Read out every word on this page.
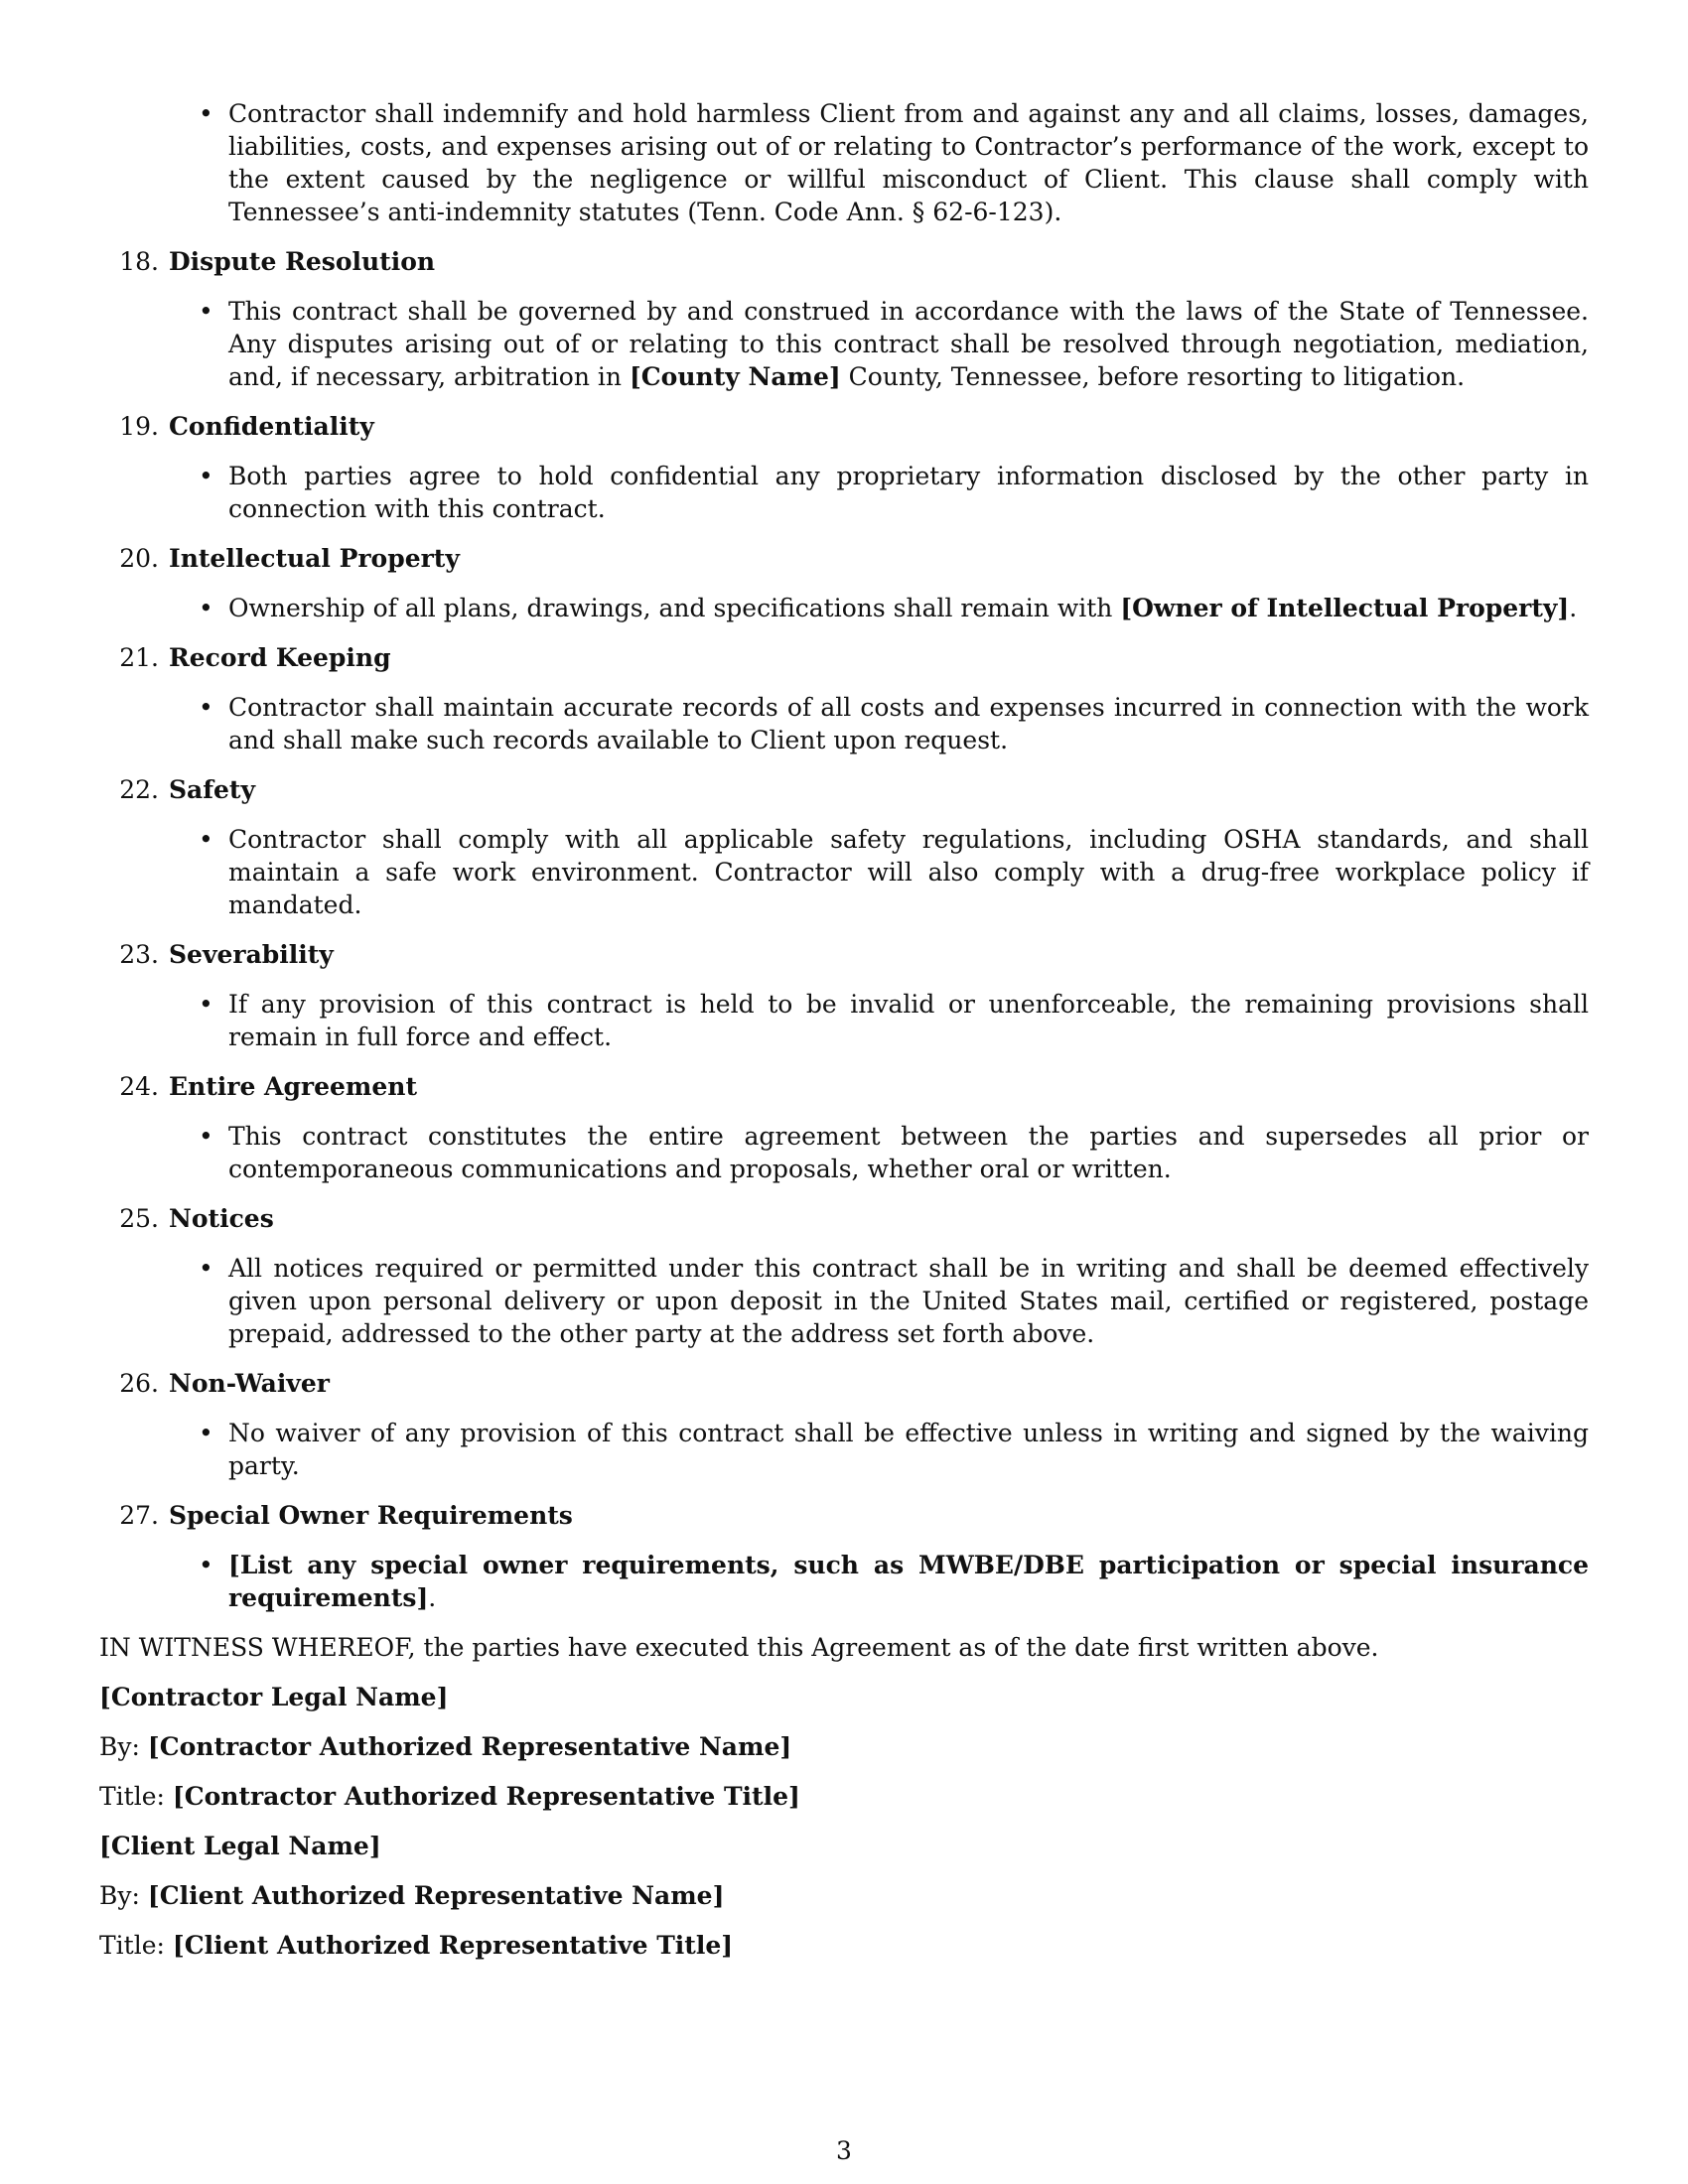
• Contractor shall indemnify and hold harmless Client from and against any and all claims, losses, damages, liabilities, costs, and expenses arising out of or relating to Contractor’s performance of the work, except to the extent caused by the negligence or willful misconduct of Client. This clause shall comply with Tennessee’s anti-indemnity statutes (Tenn. Code Ann. § 62-6-123).
18. Dispute Resolution
• This contract shall be governed by and construed in accordance with the laws of the State of Tennessee. Any disputes arising out of or relating to this contract shall be resolved through negotiation, mediation, and, if necessary, arbitration in [County Name] County, Tennessee, before resorting to litigation.
19. Confidentiality
• Both parties agree to hold confidential any proprietary information disclosed by the other party in connection with this contract.
20. Intellectual Property
• Ownership of all plans, drawings, and specifications shall remain with [Owner of Intellectual Property].
21. Record Keeping
• Contractor shall maintain accurate records of all costs and expenses incurred in connection with the work and shall make such records available to Client upon request.
22. Safety
• Contractor shall comply with all applicable safety regulations, including OSHA standards, and shall maintain a safe work environment. Contractor will also comply with a drug-free workplace policy if mandated.
23. Severability
• If any provision of this contract is held to be invalid or unenforceable, the remaining provisions shall remain in full force and effect.
24. Entire Agreement
• This contract constitutes the entire agreement between the parties and supersedes all prior or contemporaneous communications and proposals, whether oral or written.
25. Notices
• All notices required or permitted under this contract shall be in writing and shall be deemed effectively given upon personal delivery or upon deposit in the United States mail, certified or registered, postage prepaid, addressed to the other party at the address set forth above.
26. Non-Waiver
• No waiver of any provision of this contract shall be effective unless in writing and signed by the waiving party.
27. Special Owner Requirements
• [List any special owner requirements, such as MWBE/DBE participation or special insurance requirements].
IN WITNESS WHEREOF, the parties have executed this Agreement as of the date first written above.
[Contractor Legal Name]
By: [Contractor Authorized Representative Name]
Title: [Contractor Authorized Representative Title]
[Client Legal Name]
By: [Client Authorized Representative Name]
Title: [Client Authorized Representative Title]
3
